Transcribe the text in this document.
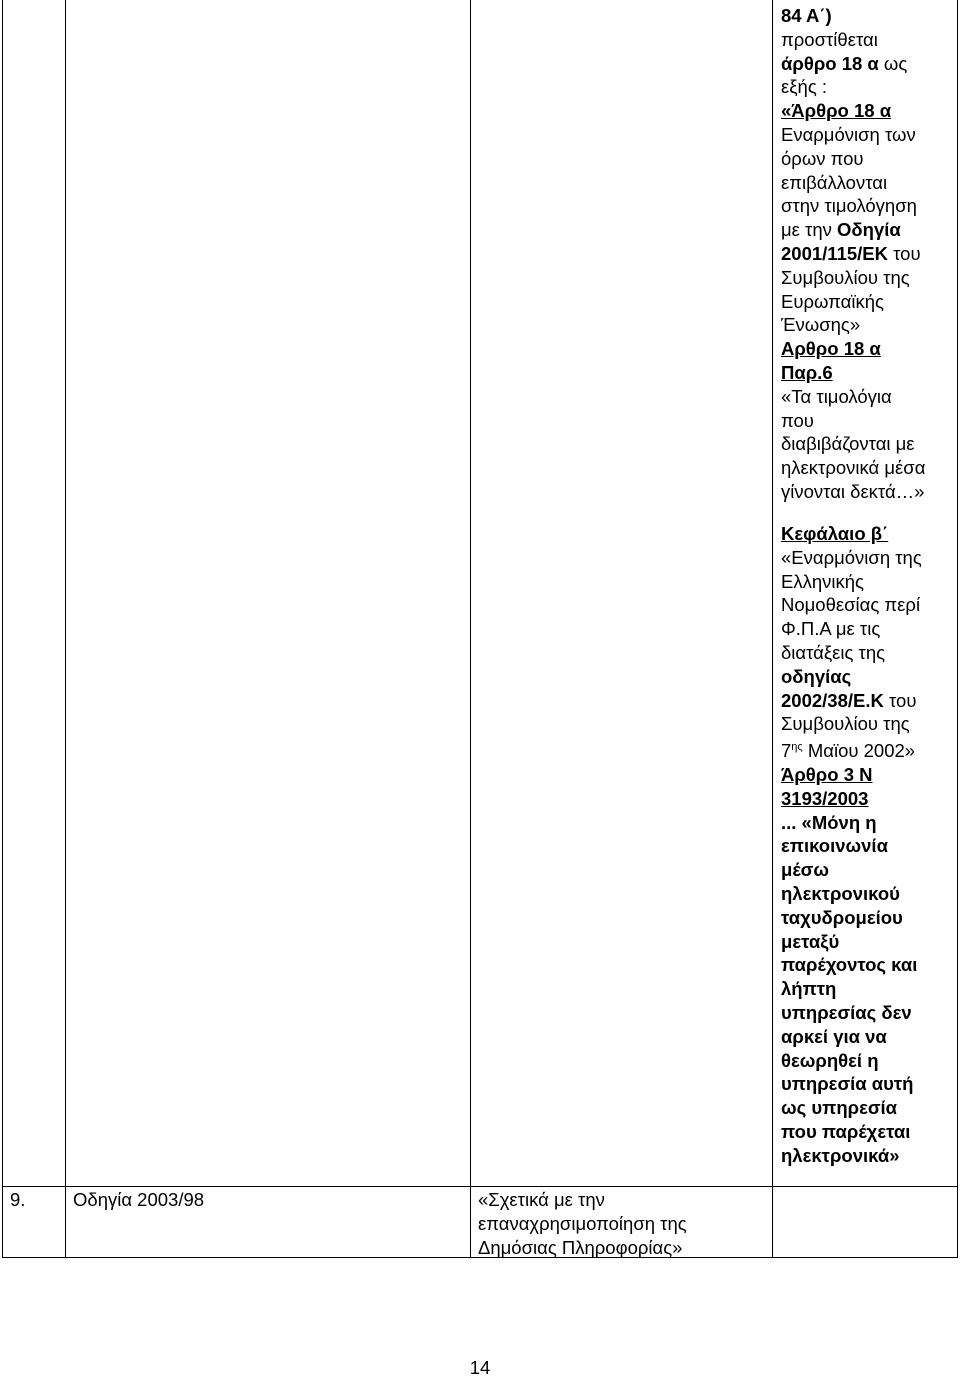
84 Α΄)
προστίθεται
άρθρο 18 α ως
εξής :
«Άρθρο 18 α
Εναρμόνιση των
όρων που
επιβάλλονται
στην τιμολόγηση
με την Οδηγία
2001/115/ΕΚ του
Συμβουλίου της
Ευρωπαϊκής
Ένωσης»
Αρθρο 18 α
Παρ.6
«Τα τιμολόγια
που
διαβιβάζονται με
ηλεκτρονικά μέσα
γίνονται δεκτά…»
Κεφάλαιο β΄
«Εναρμόνιση της
Ελληνικής
Νομοθεσίας περί
Φ.Π.Α με τις
διατάξεις της
οδηγίας
2002/38/Ε.Κ του
Συμβουλίου της
$7^{\eta\varsigma}$ Μαϊου 2002»
Άρθρο 3 Ν
3193/2003
... «Μόνη η
επικοινωνία
μέσω
ηλεκτρονικού
ταχυδρομείου
μεταξύ
παρέχοντος και
λήπτη
υπηρεσίας δεν
αρκεί για να
θεωρηθεί η
υπηρεσία αυτή
ως υπηρεσία
που παρέχεται
ηλεκτρονικά»
9.	Οδηγία 2003/98	«Σχετικά με την
επαναχρησιμοποίηση της
Δημόσιας Πληροφορίας»
14
